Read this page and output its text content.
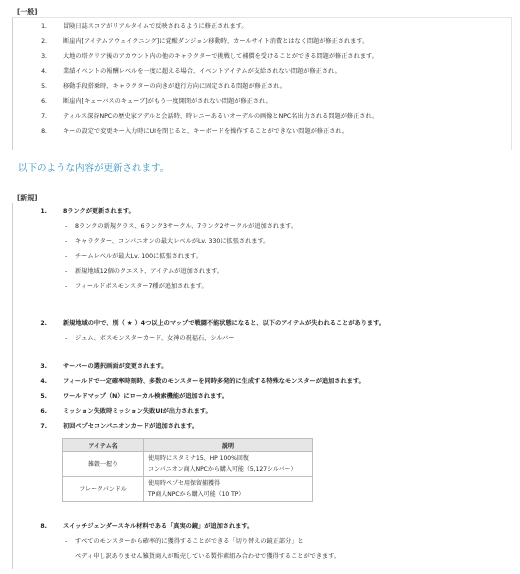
[一般]
1.	冒険日誌スコアがリアルタイムで反映されるように修正されます。
2.	断崖内[アイテムアウェイクニング]に覚醒ダンジョン移動時、カールサイト消費とはなく問題が修正されます。
3.	大地の塔クリア後のアカウント内の他のキャラクターで挑戦して補償を受けることができる問題が修正されます。
4.	業績イベントの報酬レベルを一度に超える場合、イベントアイテムが支給されない問題が修正され。
5.	移動手段搭乗時、キャラクターの向きが進行方向に固定される問題が修正され。
6.	断崖内[キューバスのキューブ]がもう一度開閉がされない問題が修正され。
7.	ティルス深谷NPCの歴史家アデルと会話時、時レニーあるいオーデルの画像とNPC名出力される問題が修正され。
8.	キーの設定で変更キー入力時にUIを閉じると、キーボードを操作することができない問題が修正され。
以下のような内容が更新されます。
[新規]
1.	8ランクが更新されます。
- 8ランクの新規クラス、6ランク3サークル、7ランク2サークルが追加されます。
- キャラクター、コンパニオンの最大レベルがLv. 330に拡張されます。
- チームレベルが最大Lv. 100に拡張されます。
- 新規地域12個のクエスト、アイテムが追加されます。
- フィールドボスモンスター7種が追加されます。
2.	新規地域の中で、別（ ★ ）4つ以上のマップで戦闘不能状態になると、以下のアイテムが失われることがあります。
- ジェム、ボスモンスターカード、女神の祝福石、シルバー
3.	サーバーの選択画面が変更されます。
4.	フィールドで一定確率時刻時、多数のモンスターを同時多発的に生成する特殊なモンスターが追加されます。
5.	ワールドマップ（N）にローカル検索機能が追加されます。
6.	ミッション失敗時ミッション失敗UIが出力されます。
7.	初回ペプセコンパニオンカードが追加されます。
8.	スイッチジェンダースキル材料である「真実の鏡」が追加されます。
- すべてのモンスターから確率的に獲得することができる「切り替えの鏡正部分」と
ペディ申し訳ありません雑貨商人が販売している製作素組み合わせで獲得することができます。
アイテム名	説明
雑穀一握り	使用時にスタミナ15、HP 100%回復
コンパニオン商人NPCから購入可能（5,127シルバー）

フレークパンドル	使用時ペプセ用保留捕獲得
TP商人NPCから購入可能（10 TP）
